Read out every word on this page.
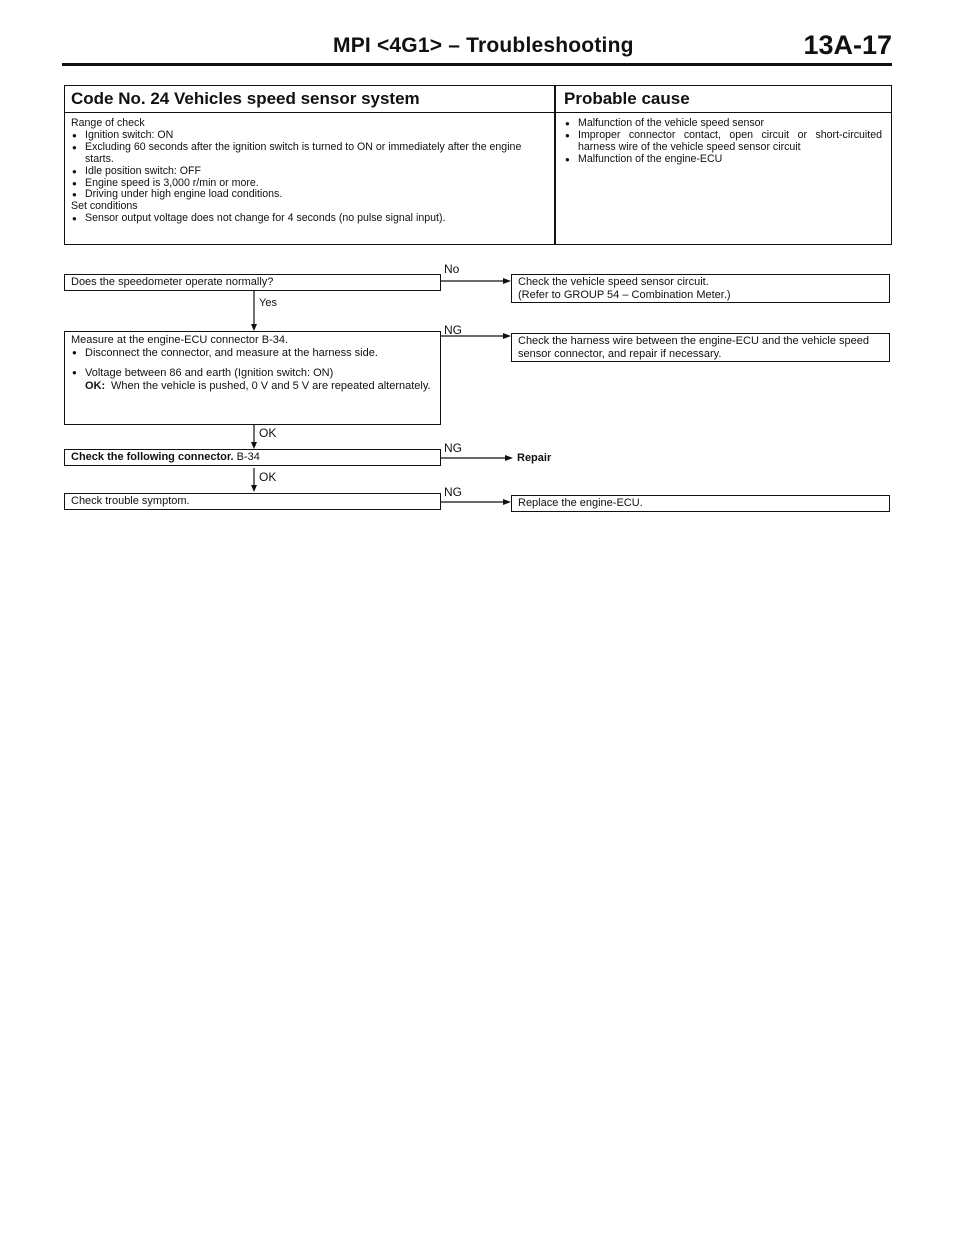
MPI <4G1> – Troubleshooting	13A-17
Code No. 24 Vehicles speed sensor system	Probable cause
Range of check
● Ignition switch: ON
● Excluding 60 seconds after the ignition switch is turned to ON or immediately after the engine starts.
● Idle position switch: OFF
● Engine speed is 3,000 r/min or more.
● Driving under high engine load conditions.
Set conditions
● Sensor output voltage does not change for 4 seconds (no pulse signal input).
● Malfunction of the vehicle speed sensor
● Improper connector contact, open circuit or short-circuited harness wire of the vehicle speed sensor circuit
● Malfunction of the engine-ECU
Does the speedometer operate normally?
No
Yes
Check the vehicle speed sensor circuit.
(Refer to GROUP 54 – Combination Meter.)
Measure at the engine-ECU connector B-34.
● Disconnect the connector, and measure at the harness side.
● Voltage between 86 and earth (Ignition switch: ON)
OK: When the vehicle is pushed, 0 V and 5 V are repeated alternately.
NG
OK
Check the harness wire between the engine-ECU and the vehicle speed sensor connector, and repair if necessary.
Check the following connector. B-34
NG
OK
Repair
Check trouble symptom.
NG
Replace the engine-ECU.
